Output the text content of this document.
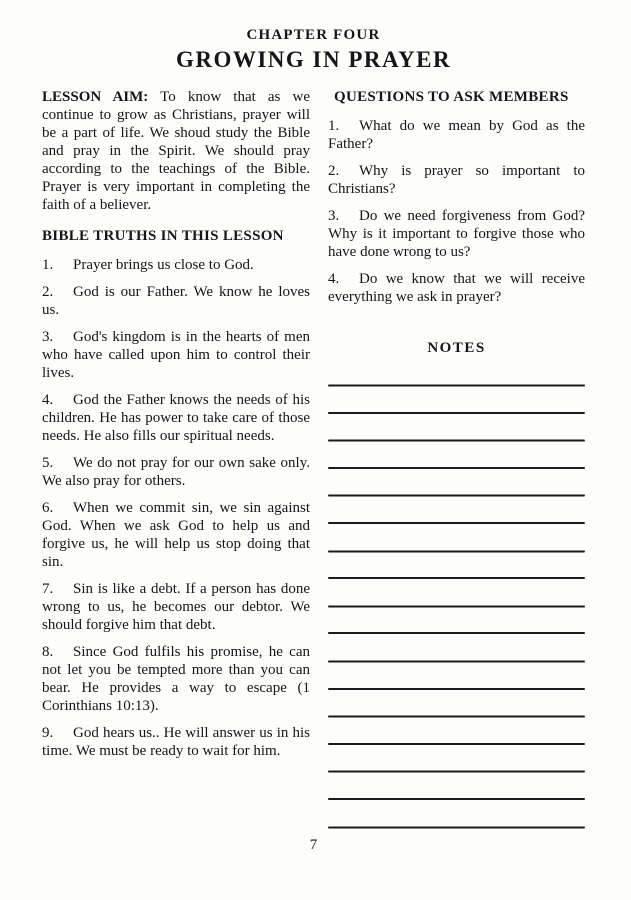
CHAPTER FOUR
GROWING IN PRAYER

LESSON AIM: To know that as we continue to grow as Christians, prayer will be a part of life. We shoud study the Bible and pray in the Spirit. We should pray according to the teachings of the Bible. Prayer is very important in completing the faith of a believer.

BIBLE TRUTHS IN THIS LESSON

1. Prayer brings us close to God.

2. God is our Father. We know he loves us.

3. God's kingdom is in the hearts of men who have called upon him to control their lives.

4. God the Father knows the needs of his children. He has power to take care of those needs. He also fills our spiritual needs.

5. We do not pray for our own sake only. We also pray for others.

6. When we commit sin, we sin against God. When we ask God to help us and forgive us, he will help us stop doing that sin.

7. Sin is like a debt. If a person has done wrong to us, he becomes our debtor. We should forgive him that debt.

8. Since God fulfils his promise, he can not let you be tempted more than you can bear. He provides a way to escape (1 Corinthians 10:13).

9. God hears us.. He will answer us in his time. We must be ready to wait for him.

QUESTIONS TO ASK MEMBERS

1. What do we mean by God as the Father?

2. Why is prayer so important to Christians?

3. Do we need forgiveness from God? Why is it important to forgive those who have done wrong to us?

4. Do we know that we will receive everything we ask in prayer?

NOTES
7
